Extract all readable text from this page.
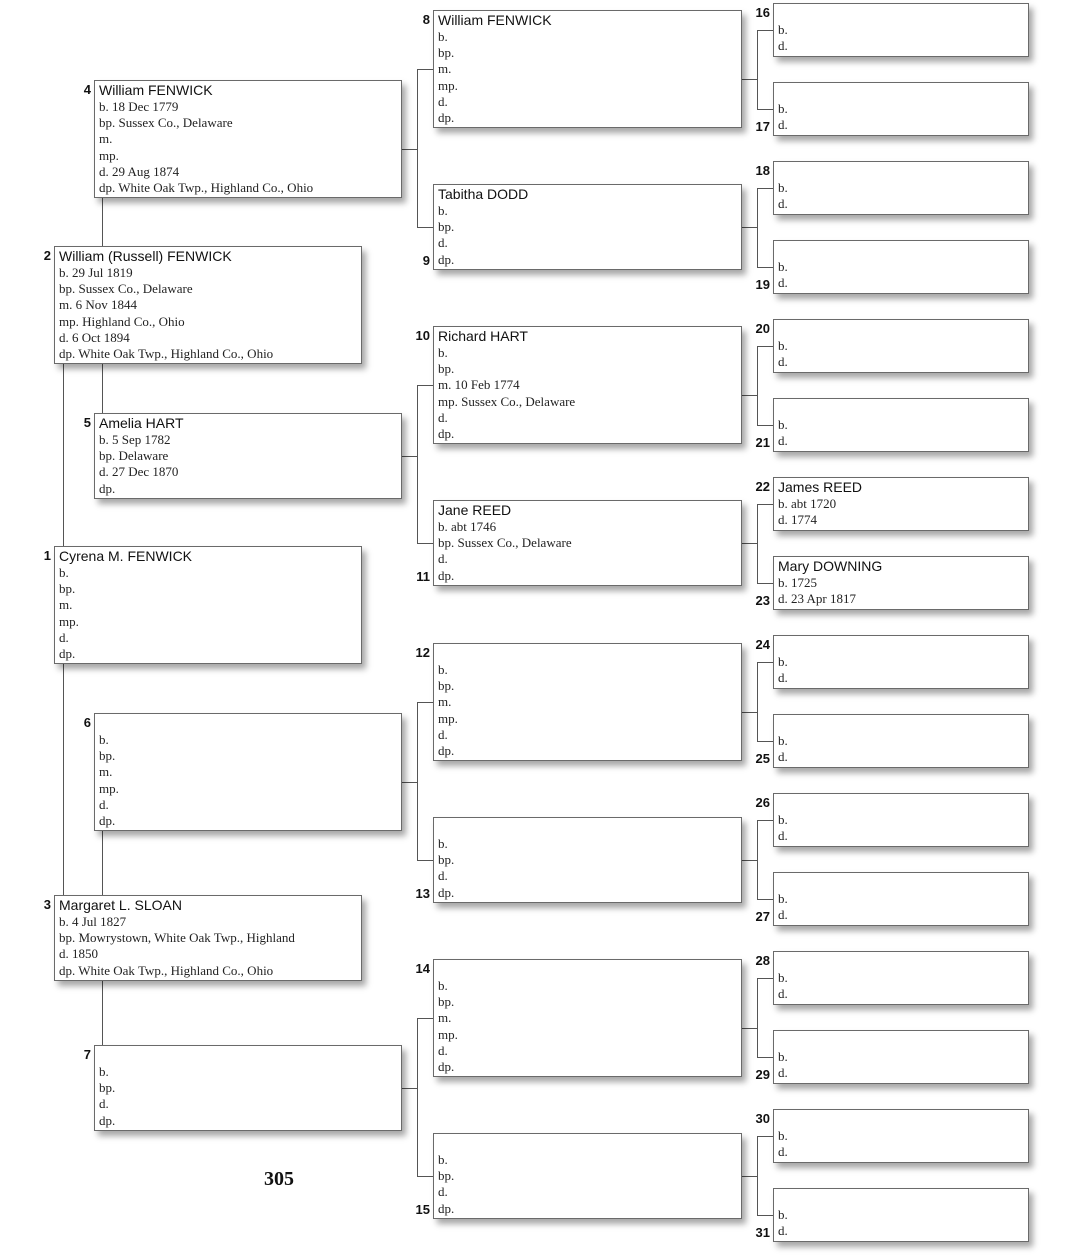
Cyrena M. FENWICK
b.
bp.
m.
mp.
d.
dp.
1
William (Russell) FENWICK
b. 29 Jul 1819
bp. Sussex Co., Delaware
m. 6 Nov 1844
mp. Highland Co., Ohio
d. 6 Oct 1894
dp. White Oak Twp., Highland Co., Ohio
2
Margaret L. SLOAN
b. 4 Jul 1827
bp. Mowrystown, White Oak Twp., Highland
d. 1850
dp. White Oak Twp., Highland Co., Ohio
3
William FENWICK
b. 18 Dec 1779
bp. Sussex Co., Delaware
m.
mp.
d. 29 Aug 1874
dp. White Oak Twp., Highland Co., Ohio
4
Amelia HART
b. 5 Sep 1782
bp. Delaware
d. 27 Dec 1870
dp.
5
b.
bp.
m.
mp.
d.
dp.
6
b.
bp.
d.
dp.
7
William FENWICK
b.
bp.
m.
mp.
d.
dp.
8
Tabitha DODD
b.
bp.
d.
dp.
9
Richard HART
b.
bp.
m. 10 Feb 1774
mp. Sussex Co., Delaware
d.
dp.
10
Jane REED
b. abt 1746
bp. Sussex Co., Delaware
d.
dp.
11
b.
bp.
m.
mp.
d.
dp.
12
b.
bp.
d.
dp.
13
b.
bp.
m.
mp.
d.
dp.
14
b.
bp.
d.
dp.
15
b.
d.
16
b.
d.
17
b.
d.
18
b.
d.
19
b.
d.
20
b.
d.
21
James REED
b. abt 1720
d. 1774
22
Mary DOWNING
b. 1725
d. 23 Apr 1817
23
b.
d.
24
b.
d.
25
b.
d.
26
b.
d.
27
b.
d.
28
b.
d.
29
b.
d.
30
b.
d.
31
305
